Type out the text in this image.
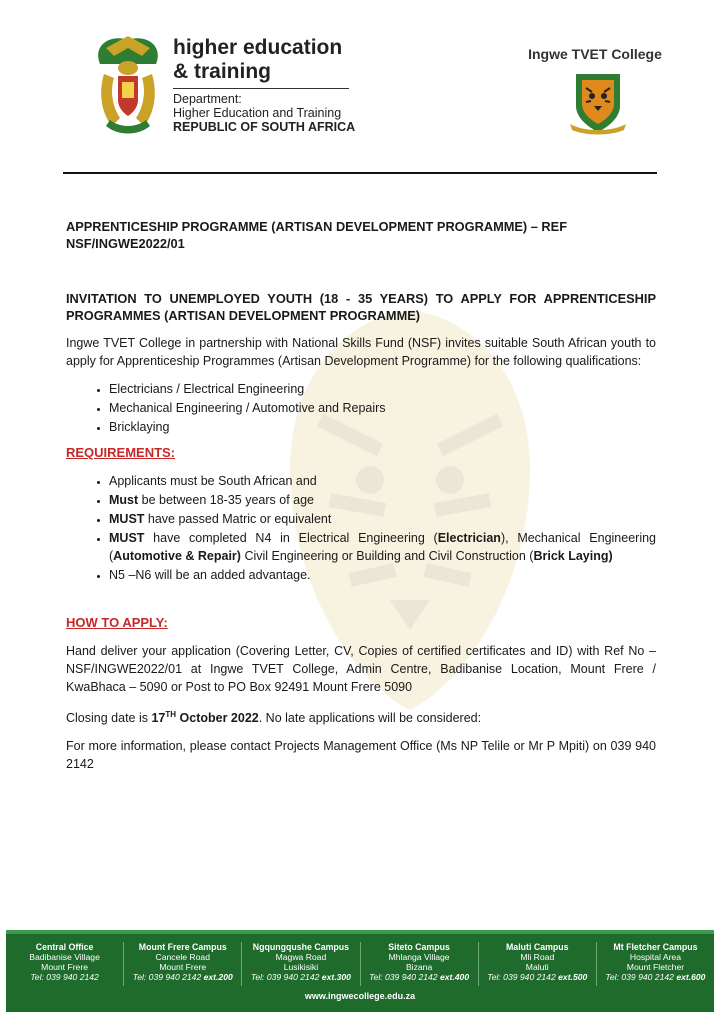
higher education
& training
Department:
Higher Education and Training
REPUBLIC OF SOUTH AFRICA
Ingwe TVET College
APPRENTICESHIP PROGRAMME (ARTISAN DEVELOPMENT PROGRAMME) – REF NSF/INGWE2022/01
INVITATION TO UNEMPLOYED YOUTH (18 - 35 YEARS) TO APPLY FOR APPRENTICESHIP PROGRAMMES (ARTISAN DEVELOPMENT PROGRAMME)

Ingwe TVET College in partnership with National Skills Fund (NSF) invites suitable South African youth to apply for Apprenticeship Programmes (Artisan Development Programme) for the following qualifications:

• Electricians / Electrical Engineering
• Mechanical Engineering / Automotive and Repairs
• Bricklaying
REQUIREMENTS:
• Applicants must be South African and
• Must be between 18-35 years of age
• MUST have passed Matric or equivalent
• MUST have completed N4 in Electrical Engineering (Electrician), Mechanical Engineering (Automotive & Repair) Civil Engineering or Building and Civil Construction (Brick Laying)
• N5 –N6 will be an added advantage.
HOW TO APPLY:

Hand deliver your application (Covering Letter, CV, Copies of certified certificates and ID) with Ref No –NSF/INGWE2022/01 at Ingwe TVET College, Admin Centre, Badibanise Location, Mount Frere / KwaBhaca – 5090 or Post to PO Box 92491 Mount Frere 5090

Closing date is 17TH October 2022. No late applications will be considered:

For more information, please contact Projects Management Office (Ms NP Telile or Mr P Mpiti) on 039 940 2142

Central Office
Badibanise Village
Mount Frere
Tel: 039 940 2142
Mount Frere Campus
Cancele Road
Mount Frere
Tel: 039 940 2142 ext.200
Ngqungqushe Campus
Magwa Road
Lusikisiki
Tel: 039 940 2142 ext.300
Siteto Campus
Mhlanga Village
Bizana
Tel: 039 940 2142 ext.400
Maluti Campus
Mli Road
Maluti
Tel: 039 940 2142 ext.500
Mt Fletcher Campus
Hospital Area
Mount Fletcher
Tel: 039 940 2142 ext.600
www.ingwecollege.edu.za
